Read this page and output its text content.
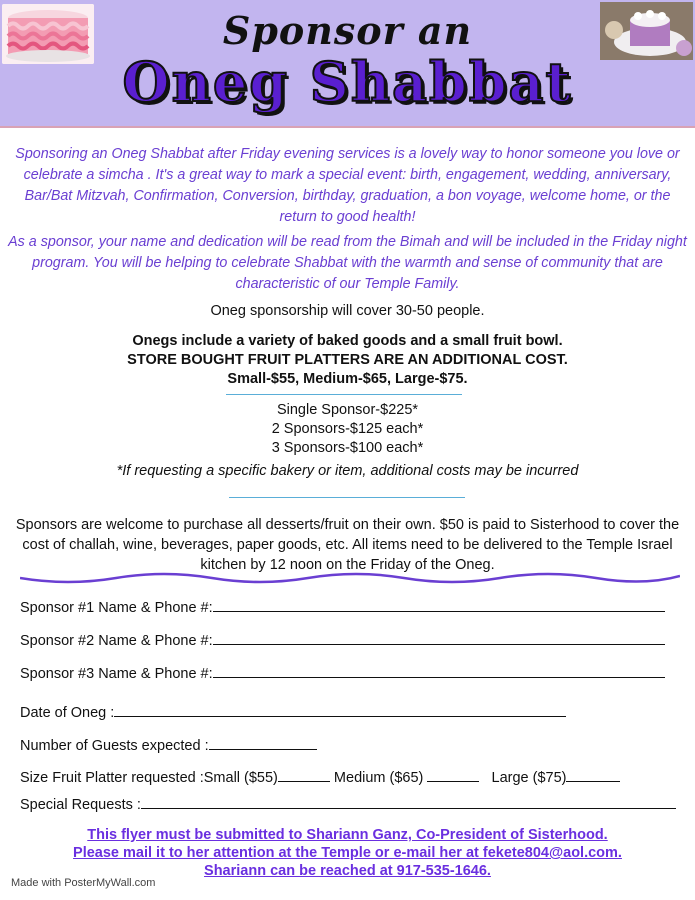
Sponsor an
Oneg Shabbat

Sponsoring an Oneg Shabbat after Friday evening services is a lovely way to honor someone you love or celebrate a simcha . It's a great way to mark a special event: birth, engagement, wedding, anniversary, Bar/Bat Mitzvah, Confirmation, Conversion, birthday, graduation, a bon voyage, welcome home, or the return to good health!

As a sponsor, your name and dedication will be read from the Bimah and will be included in the Friday night program. You will be helping to celebrate Shabbat with the warmth and sense of community that are characteristic of our Temple Family.

Oneg sponsorship will cover 30-50 people.

Onegs include a variety of baked goods and a small fruit bowl.
STORE BOUGHT FRUIT PLATTERS ARE AN ADDITIONAL COST.
Small-$55, Medium-$65, Large-$75.
Single Sponsor-$225*
2 Sponsors-$125 each*
3 Sponsors-$100 each*

*If requesting a specific bakery or item, additional costs may be incurred

Sponsors are welcome to purchase all desserts/fruit on their own. $50 is paid to Sisterhood to cover the cost of challah, wine, beverages, paper goods, etc. All items need to be delivered to the Temple Israel kitchen by 12 noon on the Friday of the Oneg.

Sponsor #1 Name & Phone #:
Sponsor #2 Name & Phone #:
Sponsor #3 Name & Phone #:
Date of Oneg :
Number of Guests expected :
Size Fruit Platter requested :Small ($55)	Medium ($65)	Large ($75)
Special Requests :
This flyer must be submitted to Shariann Ganz, Co-President of Sisterhood.
Please mail it to her attention at the Temple or e-mail her at fekete804@aol.com.
Shariann can be reached at 917-535-1646.
Made with PosterMyWall.com
